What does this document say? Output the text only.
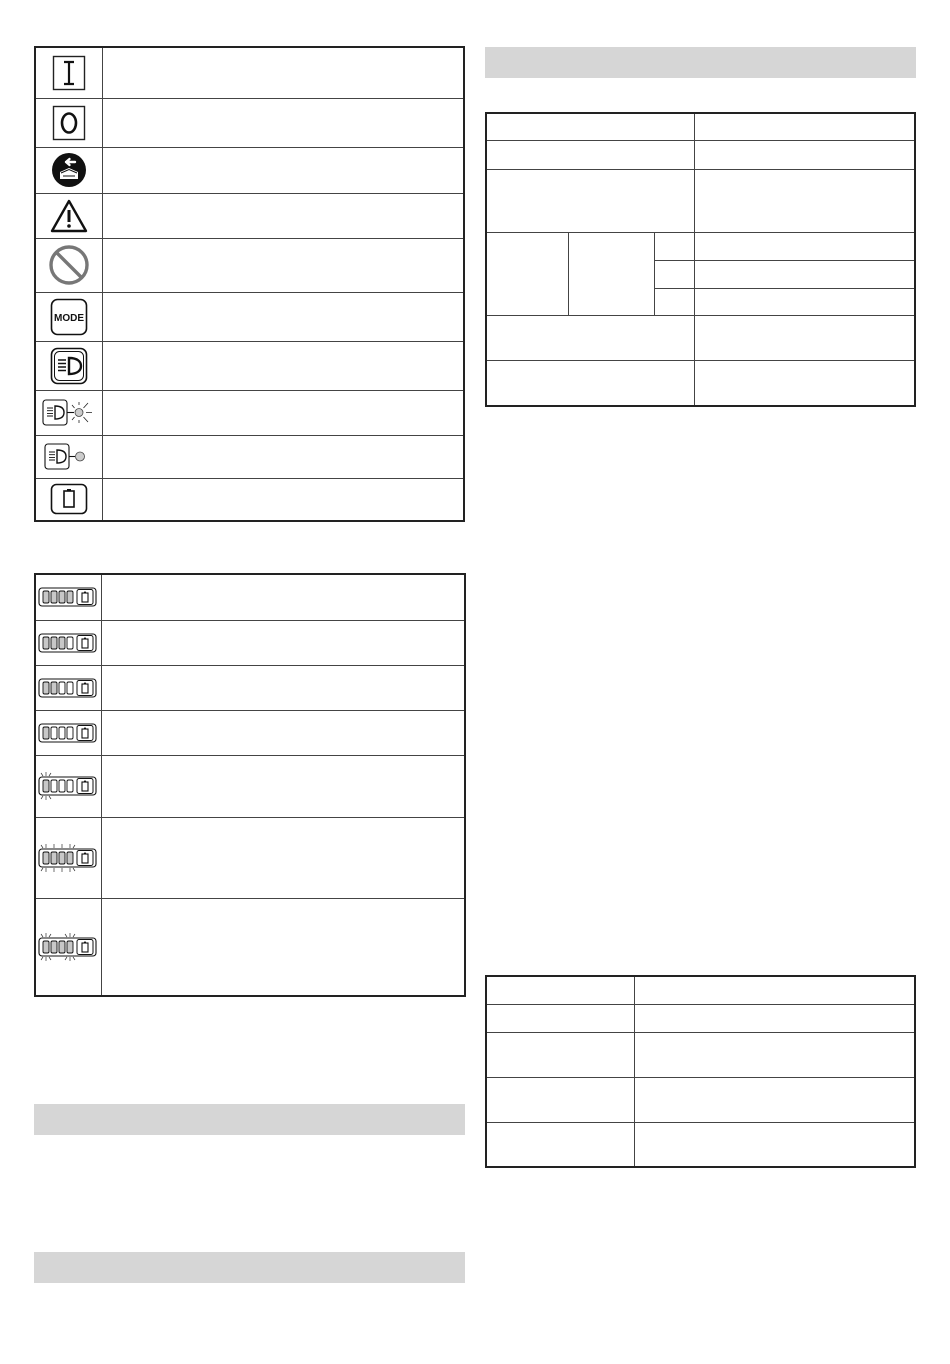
MODE	
